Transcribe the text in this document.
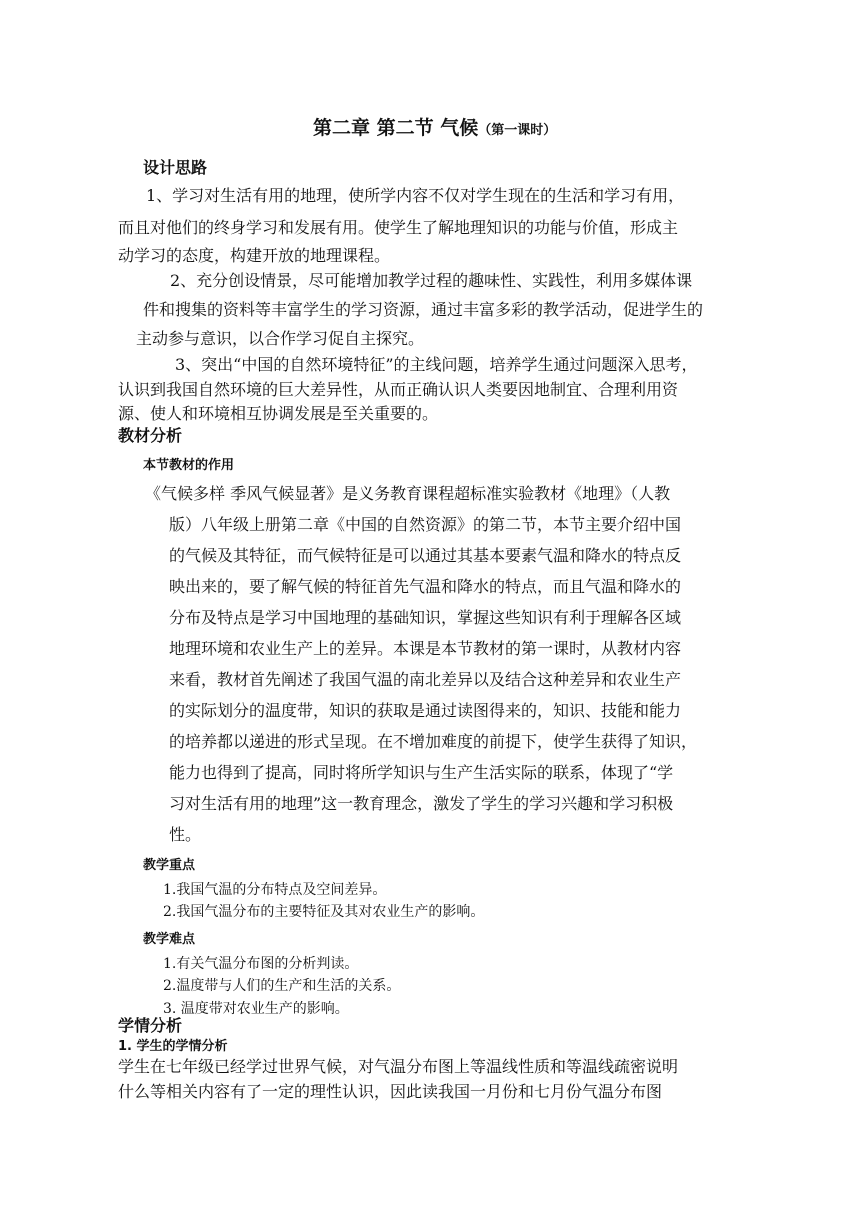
第二章 第二节 气候（第一课时）
设计思路
1、学习对生活有用的地理，使所学内容不仅对学生现在的生活和学习有用，
而且对他们的终身学习和发展有用。使学生了解地理知识的功能与价值，形成主
动学习的态度，构建开放的地理课程。
2、充分创设情景，尽可能增加教学过程的趣味性、实践性，利用多媒体课
件和搜集的资料等丰富学生的学习资源，通过丰富多彩的教学活动，促进学生的
主动参与意识，以合作学习促自主探究。
3、突出“中国的自然环境特征”的主线问题，培养学生通过问题深入思考，
认识到我国自然环境的巨大差异性，从而正确认识人类要因地制宜、合理利用资
源、使人和环境相互协调发展是至关重要的。
教材分析
本节教材的作用
《气候多样 季风气候显著》是义务教育课程超标准实验教材《地理》（人教
版）八年级上册第二章《中国的自然资源》的第二节，本节主要介绍中国
的气候及其特征，而气候特征是可以通过其基本要素气温和降水的特点反
映出来的，要了解气候的特征首先气温和降水的特点，而且气温和降水的
分布及特点是学习中国地理的基础知识，掌握这些知识有利于理解各区域
地理环境和农业生产上的差异。本课是本节教材的第一课时，从教材内容
来看，教材首先阐述了我国气温的南北差异以及结合这种差异和农业生产
的实际划分的温度带，知识的获取是通过读图得来的，知识、技能和能力
的培养都以递进的形式呈现。在不增加难度的前提下，使学生获得了知识，
能力也得到了提高，同时将所学知识与生产生活实际的联系，体现了“学
习对生活有用的地理”这一教育理念，激发了学生的学习兴趣和学习积极
性。
教学重点
1.我国气温的分布特点及空间差异。
2.我国气温分布的主要特征及其对农业生产的影响。
教学难点
1.有关气温分布图的分析判读。
2.温度带与人们的生产和生活的关系。
3. 温度带对农业生产的影响。
学情分析
1. 学生的学情分析
学生在七年级已经学过世界气候，对气温分布图上等温线性质和等温线疏密说明
什么等相关内容有了一定的理性认识，因此读我国一月份和七月份气温分布图
